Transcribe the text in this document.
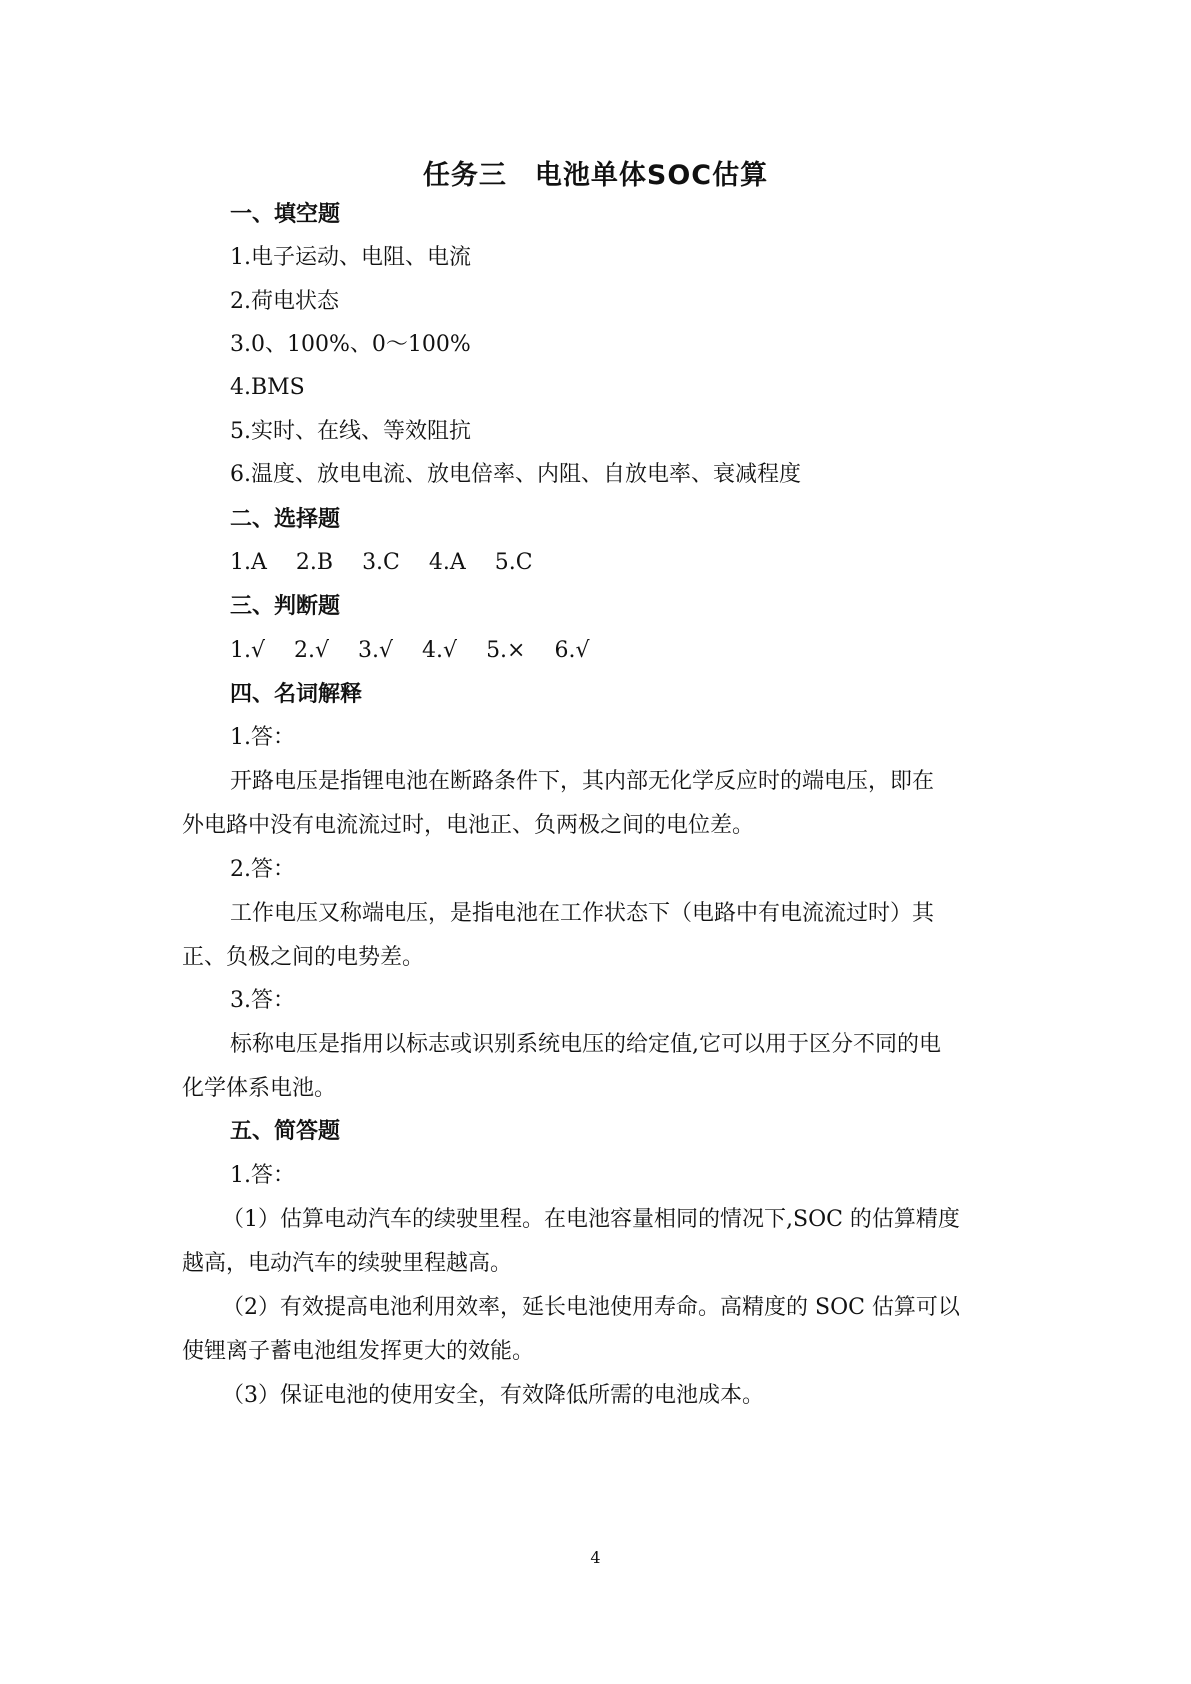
任务三　电池单体SOC估算
一、填空题
1.电子运动、电阻、电流
2.荷电状态
3.0、100%、0～100%
4.BMS
5.实时、在线、等效阻抗
6.温度、放电电流、放电倍率、内阻、自放电率、衰减程度
二、选择题
1.A 2.B 3.C 4.A 5.C
三、判断题
1.√ 2.√ 3.√ 4.√ 5.× 6.√
四、名词解释
1.答：
开路电压是指锂电池在断路条件下，其内部无化学反应时的端电压，即在
外电路中没有电流流过时，电池正、负两极之间的电位差。
2.答：
工作电压又称端电压，是指电池在工作状态下（电路中有电流流过时）其
正、负极之间的电势差。
3.答：
标称电压是指用以标志或识别系统电压的给定值,它可以用于区分不同的电
化学体系电池。
五、简答题
1.答：
（1）估算电动汽车的续驶里程。在电池容量相同的情况下,SOC 的估算精度
越高，电动汽车的续驶里程越高。
（2）有效提高电池利用效率，延长电池使用寿命。高精度的 SOC 估算可以
使锂离子蓄电池组发挥更大的效能。
（3）保证电池的使用安全，有效降低所需的电池成本。
4
